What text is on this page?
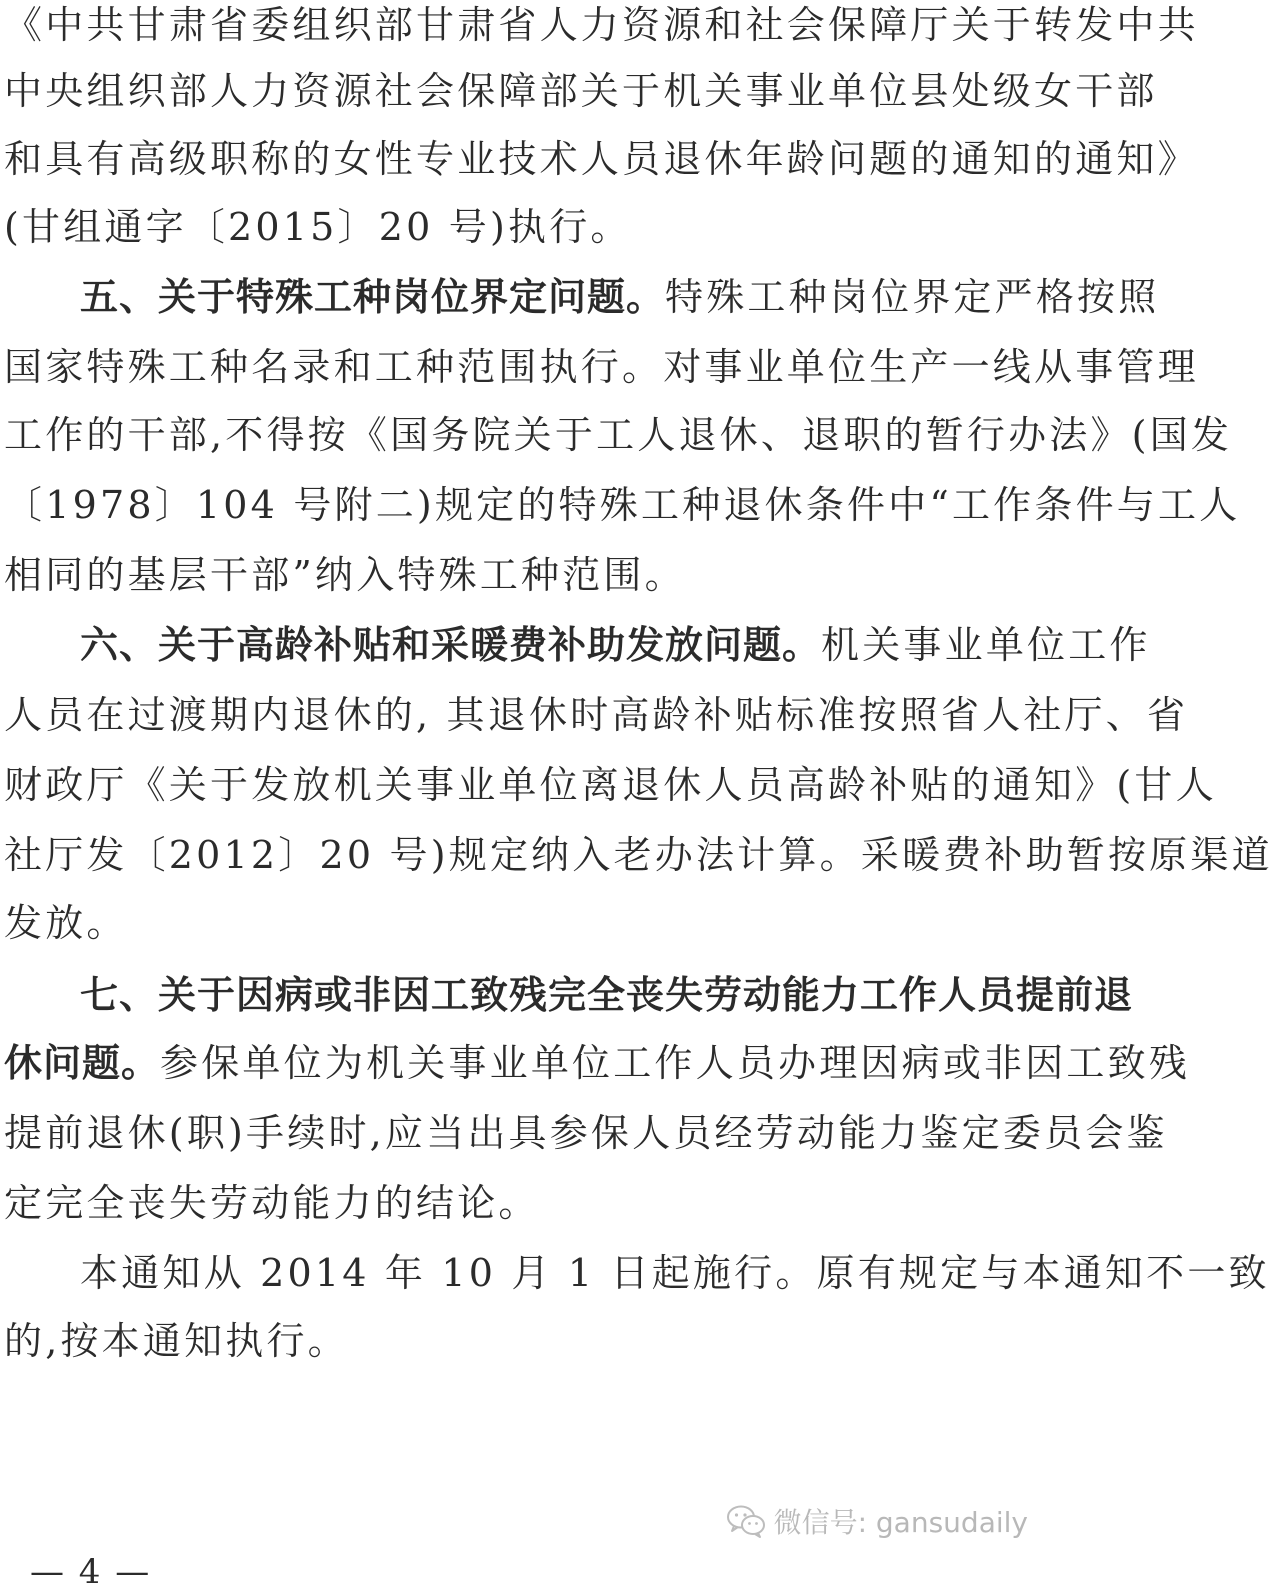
《中共甘肃省委组织部甘肃省人力资源和社会保障厅关于转发中共
中央组织部人力资源社会保障部关于机关事业单位县处级女干部
和具有高级职称的女性专业技术人员退休年龄问题的通知的通知》
(甘组通字〔2015〕20 号)执行。
五、关于特殊工种岗位界定问题。特殊工种岗位界定严格按照
国家特殊工种名录和工种范围执行。对事业单位生产一线从事管理
工作的干部,不得按《国务院关于工人退休、退职的暂行办法》(国发
〔1978〕104 号附二)规定的特殊工种退休条件中“工作条件与工人
相同的基层干部”纳入特殊工种范围。
六、关于高龄补贴和采暖费补助发放问题。机关事业单位工作
人员在过渡期内退休的, 其退休时高龄补贴标准按照省人社厅、省
财政厅《关于发放机关事业单位离退休人员高龄补贴的通知》(甘人
社厅发〔2012〕20 号)规定纳入老办法计算。采暖费补助暂按原渠道
发放。
七、关于因病或非因工致残完全丧失劳动能力工作人员提前退
休问题。参保单位为机关事业单位工作人员办理因病或非因工致残
提前退休(职)手续时,应当出具参保人员经劳动能力鉴定委员会鉴
定完全丧失劳动能力的结论。
本通知从 2014 年 10 月 1 日起施行。原有规定与本通知不一致
的,按本通知执行。
微信号: gansudaily
— 4 —
